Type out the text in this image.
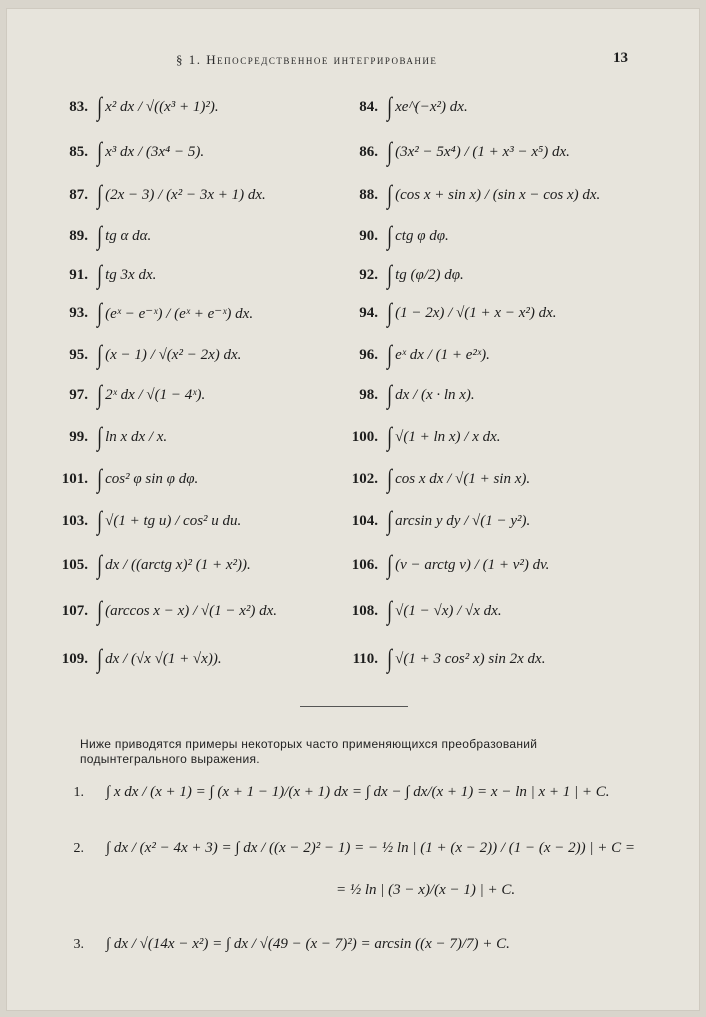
§ 1. Непосредственное интегрирование	13
83. ∫ x² dx / √((x³ + 1)²).	84. ∫ xe^(−x²) dx.
85. ∫ x³ dx / (3x⁴ − 5).	86. ∫ (3x² − 5x⁴) / (1 + x³ − x⁵) dx.
87. ∫ (2x − 3) / (x² − 3x + 1) dx.	88. ∫ (cos x + sin x) / (sin x − cos x) dx.
89. ∫ tg α dα.	90. ∫ ctg φ dφ.
91. ∫ tg 3x dx.	92. ∫ tg (φ/2) dφ.
93. ∫ (eˣ − e⁻ˣ) / (eˣ + e⁻ˣ) dx.	94. ∫ (1 − 2x) / √(1 + x − x²) dx.
95. ∫ (x − 1) / √(x² − 2x) dx.	96. ∫ eˣ dx / (1 + e²ˣ).
97. ∫ 2ˣ dx / √(1 − 4ˣ).	98. ∫ dx / (x · ln x).
99. ∫ ln x dx / x.	100. ∫ √(1 + ln x) / x dx.
101. ∫ cos² φ sin φ dφ.	102. ∫ cos x dx / √(1 + sin x).
103. ∫ √(1 + tg u) / cos² u du.	104. ∫ arcsin y dy / √(1 − y²).
105. ∫ dx / ((arctg x)² (1 + x²)).	106. ∫ (v − arctg v) / (1 + v²) dv.
107. ∫ (arccos x − x) / √(1 − x²) dx.	108. ∫ √(1 − √x) / √x dx.
109. ∫ dx / (√x √(1 + √x)).	110. ∫ √(1 + 3 cos² x) sin 2x dx.
Ниже приводятся примеры некоторых часто применяющихся преобразований подынтегрального выражения.
1. ∫ x dx / (x + 1) = ∫ (x + 1 − 1)/(x + 1) dx = ∫ dx − ∫ dx/(x + 1) = x − ln | x + 1 | + C.
2. ∫ dx / (x² − 4x + 3) = ∫ dx / ((x − 2)² − 1) = − ½ ln | (1 + (x − 2)) / (1 − (x − 2)) | + C =
= ½ ln | (3 − x)/(x − 1) | + C.
3. ∫ dx / √(14x − x²) = ∫ dx / √(49 − (x − 7)²) = arcsin ((x − 7)/7) + C.
